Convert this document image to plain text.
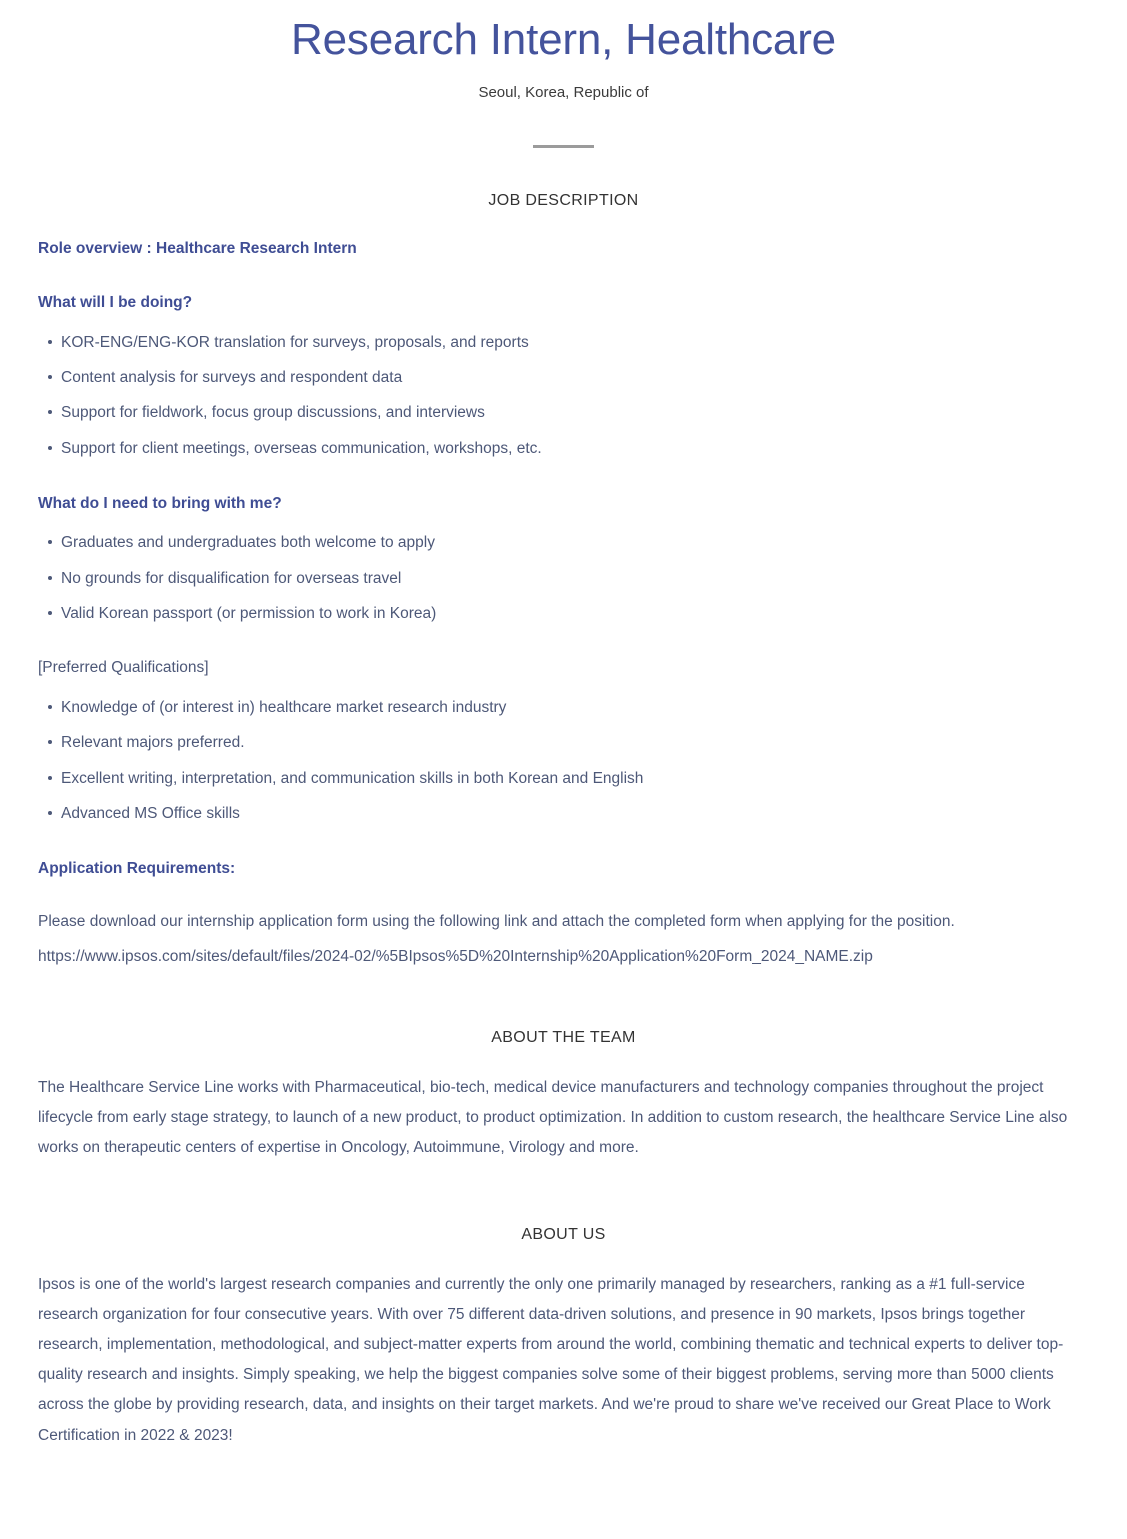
Research Intern, Healthcare
Seoul, Korea, Republic of
JOB DESCRIPTION
Role overview : Healthcare Research Intern
What will I be doing?
KOR-ENG/ENG-KOR translation for surveys, proposals, and reports
Content analysis for surveys and respondent data
Support for fieldwork, focus group discussions, and interviews
Support for client meetings, overseas communication, workshops, etc.
What do I need to bring with me?
Graduates and undergraduates both welcome to apply
No grounds for disqualification for overseas travel
Valid Korean passport (or permission to work in Korea)

[Preferred Qualifications]

Knowledge of (or interest in) healthcare market research industry
Relevant majors preferred.
Excellent writing, interpretation, and communication skills in both Korean and English
Advanced MS Office skills
Application Requirements:

Please download our internship application form using the following link and attach the completed form when applying for the position.

https://www.ipsos.com/sites/default/files/2024-02/%5BIpsos%5D%20Internship%20Application%20Form_2024_NAME.zip

ABOUT THE TEAM

The Healthcare Service Line works with Pharmaceutical, bio-tech, medical device manufacturers and technology companies throughout the project lifecycle from early stage strategy, to launch of a new product, to product optimization. In addition to custom research, the healthcare Service Line also works on therapeutic centers of expertise in Oncology, Autoimmune, Virology and more.

ABOUT US

Ipsos is one of the world's largest research companies and currently the only one primarily managed by researchers, ranking as a #1 full-service research organization for four consecutive years. With over 75 different data-driven solutions, and presence in 90 markets, Ipsos brings together research, implementation, methodological, and subject-matter experts from around the world, combining thematic and technical experts to deliver top-quality research and insights. Simply speaking, we help the biggest companies solve some of their biggest problems, serving more than 5000 clients across the globe by providing research, data, and insights on their target markets. And we're proud to share we've received our Great Place to Work Certification in 2022 & 2023!
